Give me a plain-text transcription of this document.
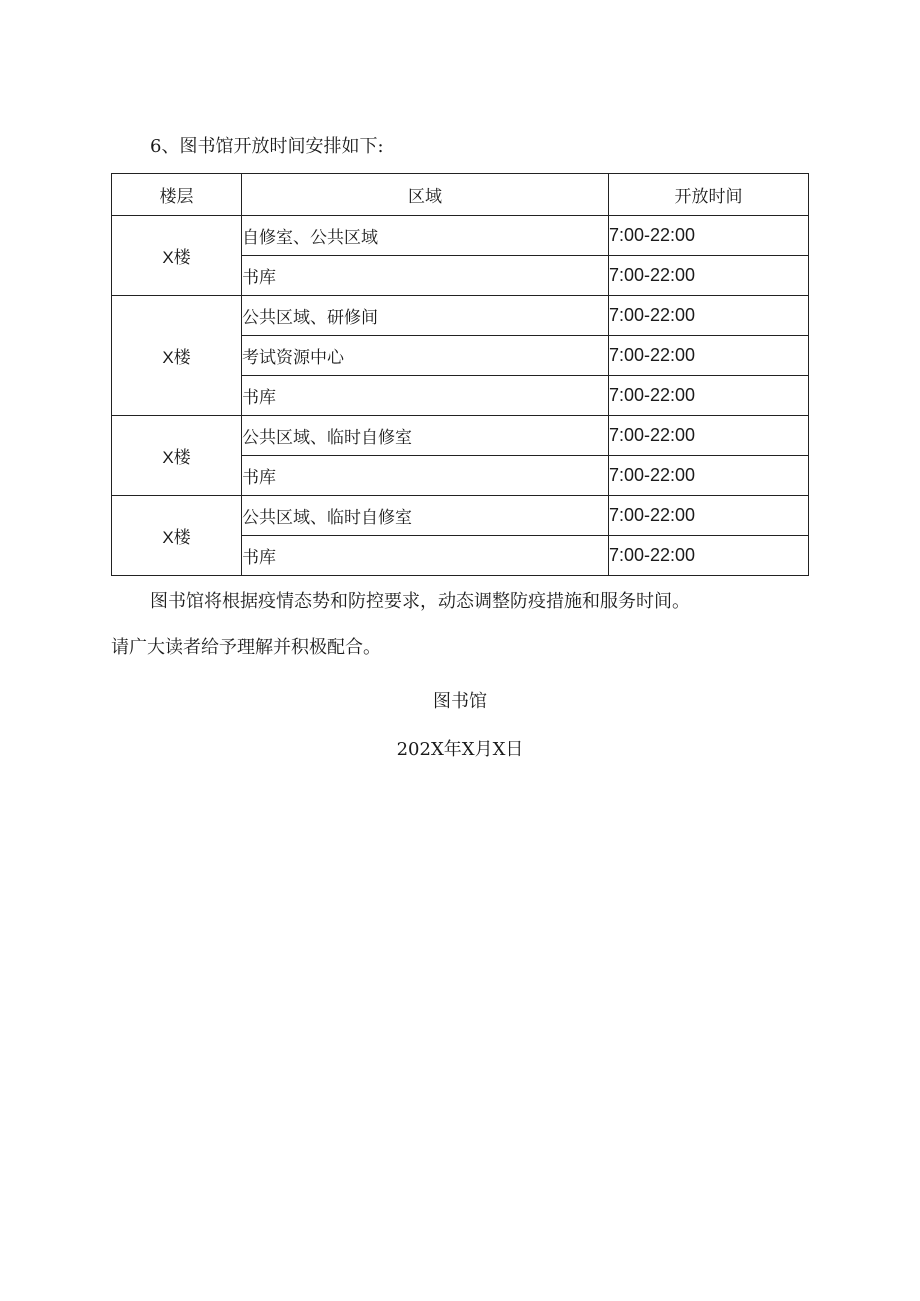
6、图书馆开放时间安排如下:
楼层	区域	开放时间
X楼	自修室、公共区域	7:00-22:00
	书库	7:00-22:00
X楼	公共区域、研修间	7:00-22:00
	考试资源中心	7:00-22:00
	书库	7:00-22:00
X楼	公共区域、临时自修室	7:00-22:00
	书库	7:00-22:00
X楼	公共区域、临时自修室	7:00-22:00
	书库	7:00-22:00
图书馆将根据疫情态势和防控要求，动态调整防疫措施和服务时间。
请广大读者给予理解并积极配合。
图书馆
202X年X月X日
